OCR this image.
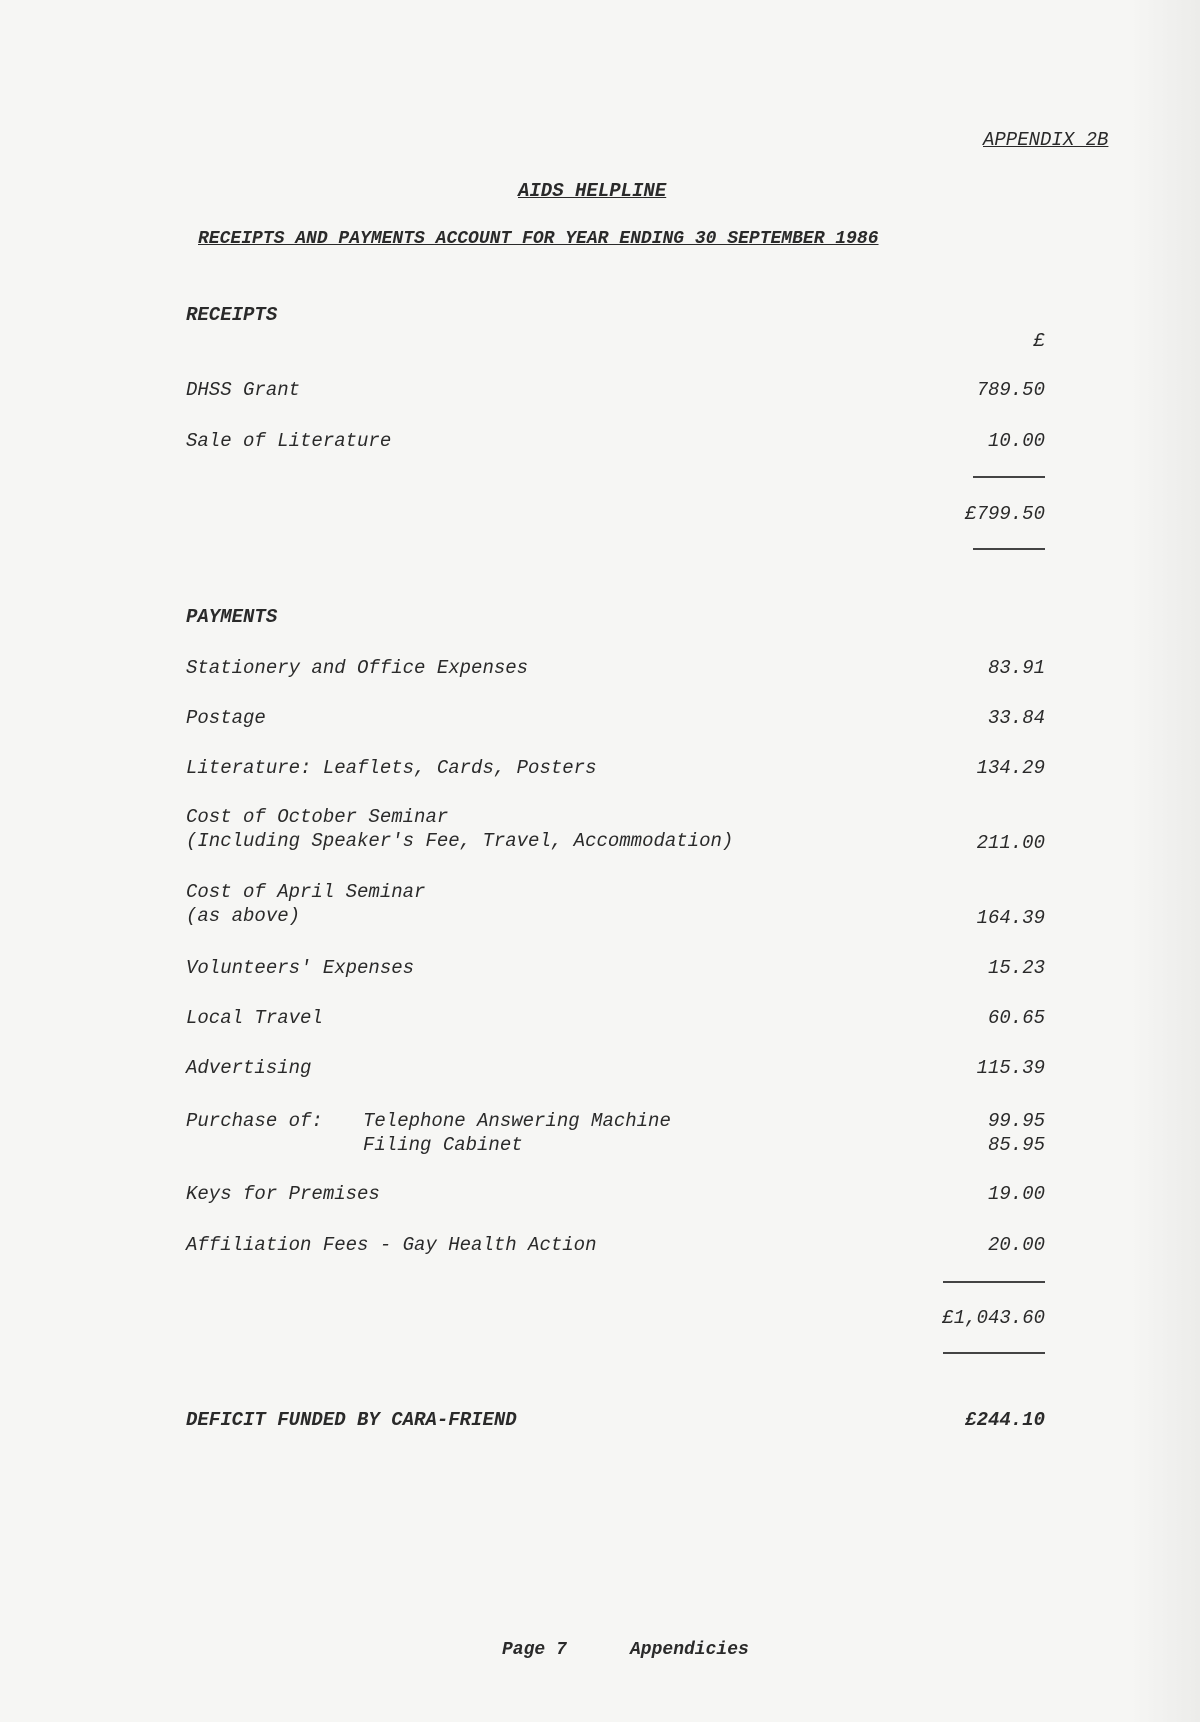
APPENDIX 2B
AIDS HELPLINE
RECEIPTS AND PAYMENTS ACCOUNT FOR YEAR ENDING 30 SEPTEMBER 1986
RECEIPTS
£
DHSS Grant	789.50
Sale of Literature	10.00
£799.50
PAYMENTS
Stationery and Office Expenses	83.91
Postage	33.84
Literature: Leaflets, Cards, Posters	134.29
Cost of October Seminar
(Including Speaker's Fee, Travel, Accommodation)	211.00
Cost of April Seminar
(as above)	164.39
Volunteers' Expenses	15.23
Local Travel	60.65
Advertising	115.39
Purchase of: Telephone Answering Machine	99.95
Filing Cabinet	85.95
Keys for Premises	19.00
Affiliation Fees - Gay Health Action	20.00
£1,043.60
DEFICIT FUNDED BY CARA-FRIEND	£244.10
Page 7	Appendicies
